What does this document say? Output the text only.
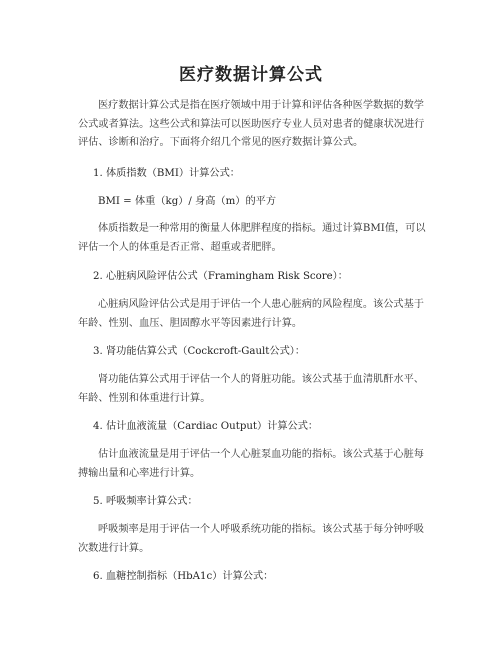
医疗数据计算公式

医疗数据计算公式是指在医疗领域中用于计算和评估各种医学数据的数学公式或者算法。这些公式和算法可以医助医疗专业人员对患者的健康状况进行评估、诊断和治疗。下面将介绍几个常见的医疗数据计算公式。

1. 体质指数（BMI）计算公式：

BMI = 体重（kg）/ 身高（m）的平方

体质指数是一种常用的衡量人体肥胖程度的指标。通过计算BMI值，可以评估一个人的体重是否正常、超重或者肥胖。

2. 心脏病风险评估公式（Framingham Risk Score）：

心脏病风险评估公式是用于评估一个人患心脏病的风险程度。该公式基于年龄、性别、血压、胆固醇水平等因素进行计算。

3. 肾功能估算公式（Cockcroft-Gault公式）：

肾功能估算公式用于评估一个人的肾脏功能。该公式基于血清肌酐水平、年龄、性别和体重进行计算。

4. 估计血液流量（Cardiac Output）计算公式：

估计血液流量是用于评估一个人心脏泵血功能的指标。该公式基于心脏每搏输出量和心率进行计算。

5. 呼吸频率计算公式：

呼吸频率是用于评估一个人呼吸系统功能的指标。该公式基于每分钟呼吸次数进行计算。

6. 血糖控制指标（HbA1c）计算公式：
